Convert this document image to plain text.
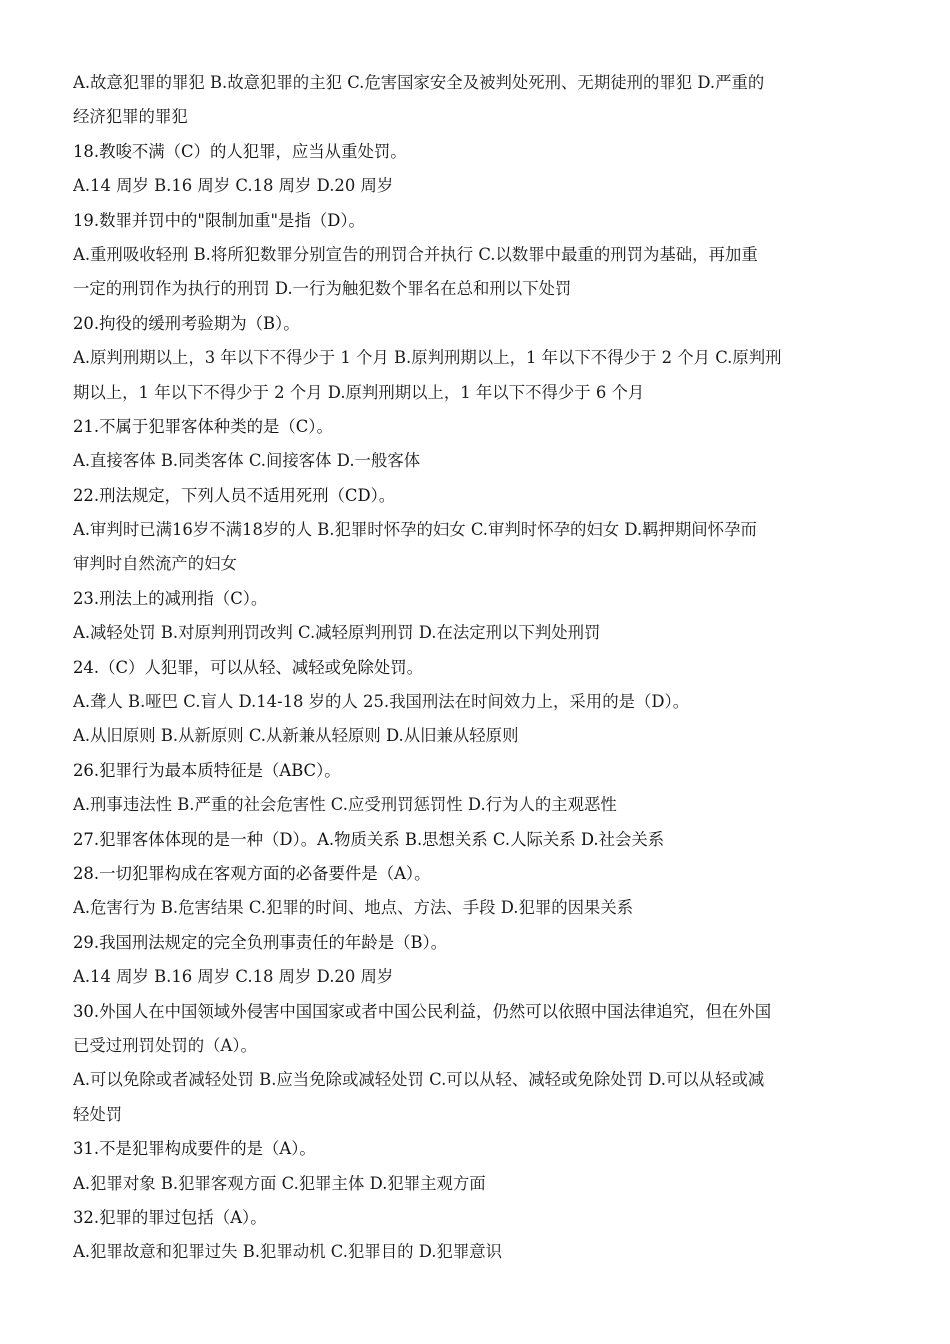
A.故意犯罪的罪犯 B.故意犯罪的主犯 C.危害国家安全及被判处死刑、无期徒刑的罪犯 D.严重的
经济犯罪的罪犯
18.教唆不满（C）的人犯罪，应当从重处罚。
A.14 周岁 B.16 周岁 C.18 周岁 D.20 周岁
19.数罪并罚中的"限制加重"是指（D）。
A.重刑吸收轻刑 B.将所犯数罪分别宣告的刑罚合并执行 C.以数罪中最重的刑罚为基础，再加重
一定的刑罚作为执行的刑罚 D.一行为触犯数个罪名在总和刑以下处罚
20.拘役的缓刑考验期为（B）。
A.原判刑期以上，3 年以下不得少于 1 个月 B.原判刑期以上，1 年以下不得少于 2 个月 C.原判刑
期以上，1 年以下不得少于 2 个月 D.原判刑期以上，1 年以下不得少于 6 个月
21.不属于犯罪客体种类的是（C）。
A.直接客体 B.同类客体 C.间接客体 D.一般客体
22.刑法规定，下列人员不适用死刑（CD）。
A.审判时已满16岁不满18岁的人 B.犯罪时怀孕的妇女 C.审判时怀孕的妇女 D.羁押期间怀孕而
审判时自然流产的妇女
23.刑法上的减刑指（C）。
A.减轻处罚 B.对原判刑罚改判 C.减轻原判刑罚 D.在法定刑以下判处刑罚
24.（C）人犯罪，可以从轻、减轻或免除处罚。
A.聋人 B.哑巴 C.盲人 D.14-18 岁的人 25.我国刑法在时间效力上，采用的是（D）。
A.从旧原则 B.从新原则 C.从新兼从轻原则 D.从旧兼从轻原则
26.犯罪行为最本质特征是（ABC）。
A.刑事违法性 B.严重的社会危害性 C.应受刑罚惩罚性 D.行为人的主观恶性
27.犯罪客体体现的是一种（D）。A.物质关系 B.思想关系 C.人际关系 D.社会关系
28.一切犯罪构成在客观方面的必备要件是（A）。
A.危害行为 B.危害结果 C.犯罪的时间、地点、方法、手段 D.犯罪的因果关系
29.我国刑法规定的完全负刑事责任的年龄是（B）。
A.14 周岁 B.16 周岁 C.18 周岁 D.20 周岁
30.外国人在中国领域外侵害中国国家或者中国公民利益，仍然可以依照中国法律追究，但在外国
已受过刑罚处罚的（A）。
A.可以免除或者减轻处罚 B.应当免除或减轻处罚 C.可以从轻、减轻或免除处罚 D.可以从轻或减
轻处罚
31.不是犯罪构成要件的是（A）。
A.犯罪对象 B.犯罪客观方面 C.犯罪主体 D.犯罪主观方面
32.犯罪的罪过包括（A）。
A.犯罪故意和犯罪过失 B.犯罪动机 C.犯罪目的 D.犯罪意识
